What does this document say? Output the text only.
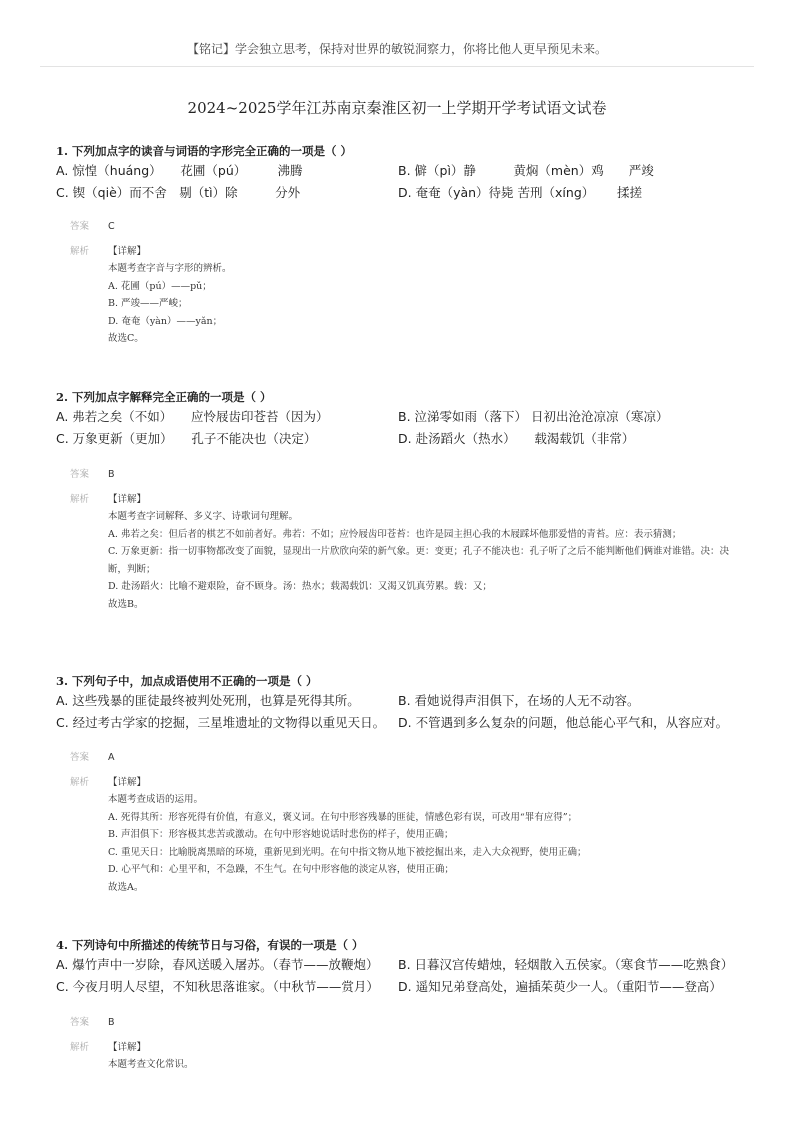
【铭记】学会独立思考，保持对世界的敏锐洞察力，你将比他人更早预见未来。
2024~2025学年江苏南京秦淮区初一上学期开学考试语文试卷
1. 下列加点字的读音与词语的字形完全正确的一项是（ ）
A. 惊惶（huáng）　　花圃（pú）　　　沸腾	B. 僻（pì）静　　　黄焖（mèn）鸡　　严竣
C. 锲（qiè）而不舍　剔（tì）除　　　分外	D. 奄奄（yàn）待毙 苦刑（xíng）　　 揉搓
答案	C
解析	【详解】
本题考查字音与字形的辨析。
A. 花圃（pú）——pǔ；
B. 严竣——严峻；
D. 奄奄（yàn）——yǎn；
故选C。
2. 下列加点字解释完全正确的一项是（ ）
A. 弗若之矣（不如）　　应怜屐齿印苍苔（因为）	B. 泣涕零如雨（落下） 日初出沧沧凉凉（寒凉）
C. 万象更新（更加）　　孔子不能决也（决定）	D. 赴汤蹈火（热水）　　载渴载饥（非常）
答案	B
解析	【详解】
本题考查字词解释、多义字、诗歌词句理解。
A. 弗若之矣：但后者的棋艺不如前者好。弗若：不如；应怜屐齿印苍苔：也许是园主担心我的木屐踩坏他那爱惜的青苔。应：表示猜测；
C. 万象更新：指一切事物都改变了面貌，显现出一片欣欣向荣的新气象。更：变更；孔子不能决也：孔子听了之后不能判断他们俩谁对谁错。决：决断，判断；
D. 赴汤蹈火：比喻不避艰险，奋不顾身。汤：热水；载渴载饥：又渴又饥真劳累。载：又；
故选B。
3. 下列句子中，加点成语使用不正确的一项是（ ）
A. 这些残暴的匪徒最终被判处死刑，也算是死得其所。	B. 看她说得声泪俱下，在场的人无不动容。
C. 经过考古学家的挖掘，三星堆遗址的文物得以重见天日。	D. 不管遇到多么复杂的问题，他总能心平气和，从容应对。
答案	A
解析	【详解】
本题考查成语的运用。
A. 死得其所：形容死得有价值，有意义，褒义词。在句中形容残暴的匪徒，情感色彩有误，可改用“罪有应得”；
B. 声泪俱下：形容极其悲苦或激动。在句中形容她说话时悲伤的样子，使用正确；
C. 重见天日：比喻脱离黑暗的环境，重新见到光明。在句中指文物从地下被挖掘出来，走入大众视野，使用正确；
D. 心平气和：心里平和，不急躁，不生气。在句中形容他的淡定从容，使用正确；
故选A。
4. 下列诗句中所描述的传统节日与习俗，有误的一项是（ ）
A. 爆竹声中一岁除，春风送暖入屠苏。（春节——放鞭炮）	B. 日暮汉宫传蜡烛，轻烟散入五侯家。（寒食节——吃熟食）
C. 今夜月明人尽望，不知秋思落谁家。（中秋节——赏月）	D. 遥知兄弟登高处，遍插茱萸少一人。（重阳节——登高）
答案	B
解析	【详解】
本题考查文化常识。
